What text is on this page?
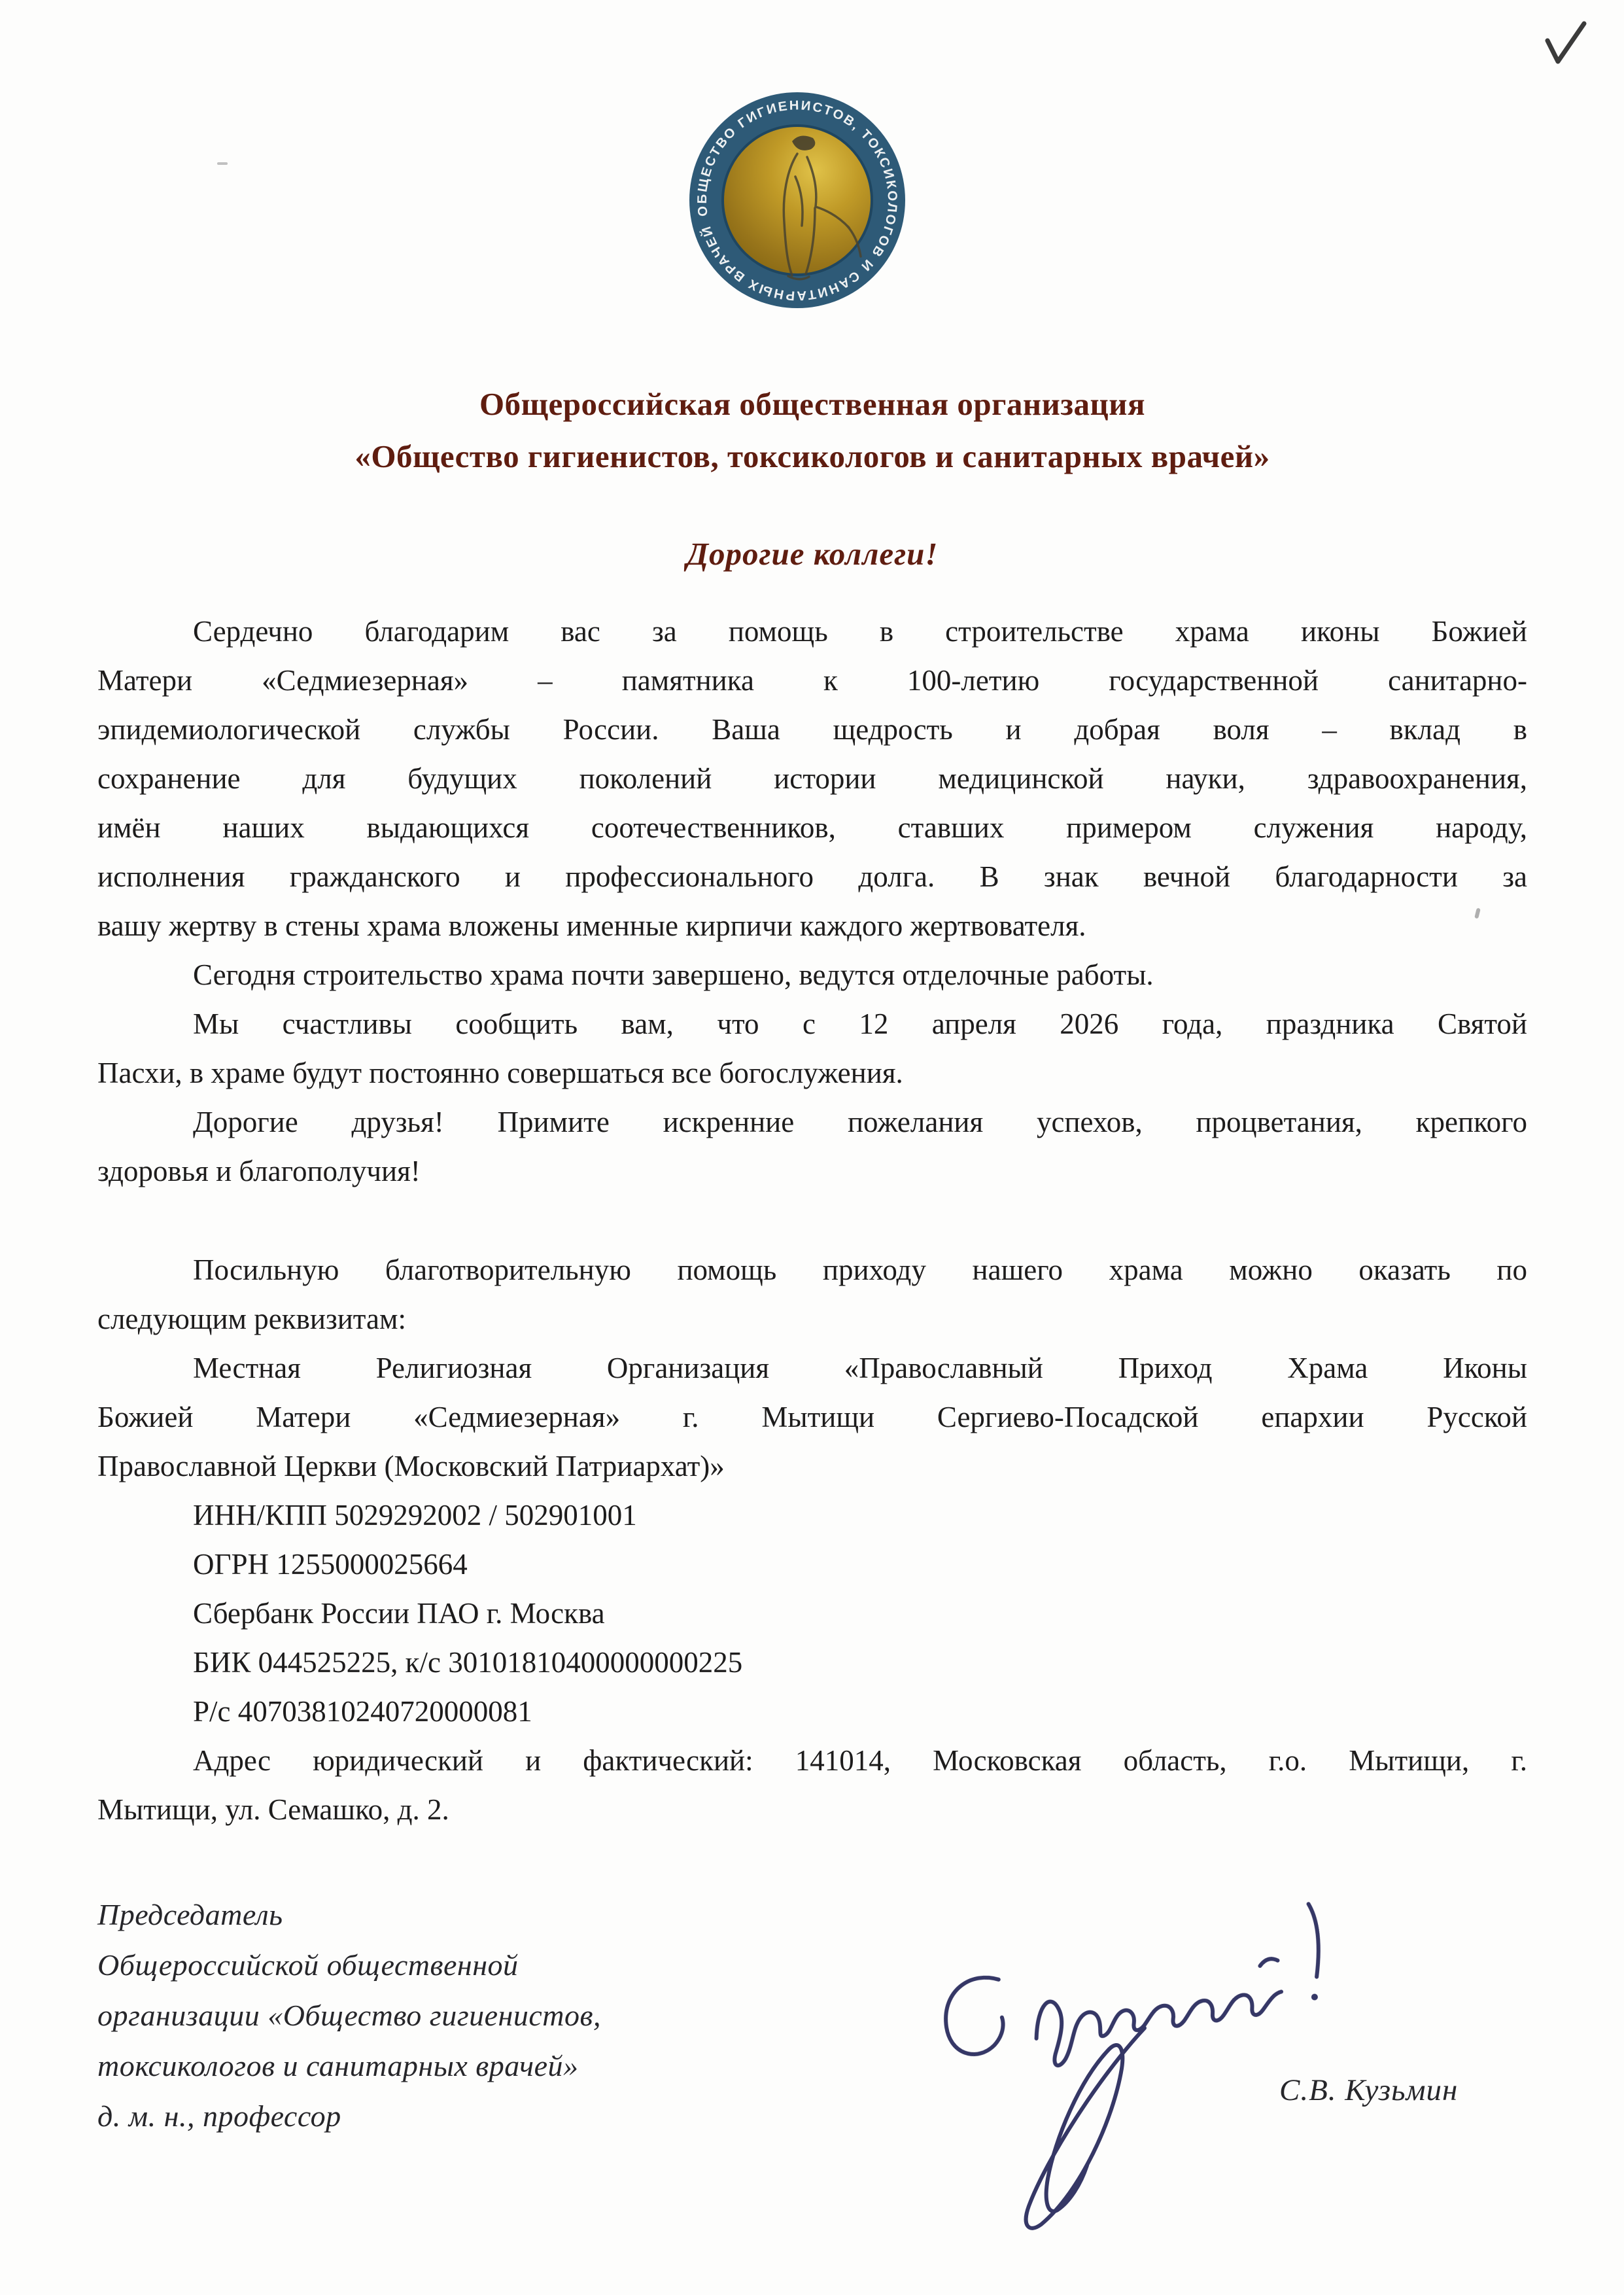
ОБЩЕСТВО ГИГИЕНИСТОВ, ТОКСИКОЛОГОВ И САНИТАРНЫХ ВРАЧЕЙ
Общероссийская общественная организация
«Общество гигиенистов, токсикологов и санитарных врачей»
Дорогие коллеги!
Сердечно благодарим вас за помощь в строительстве храма иконы Божией
Матери «Седмиезерная» – памятника к 100-летию государственной санитарно-
эпидемиологической службы России. Ваша щедрость и добрая воля – вклад в
сохранение для будущих поколений истории медицинской науки, здравоохранения,
имён наших выдающихся соотечественников, ставших примером служения народу,
исполнения гражданского и профессионального долга. В знак вечной благодарности за
вашу жертву в стены храма вложены именные кирпичи каждого жертвователя.
Сегодня строительство храма почти завершено, ведутся отделочные работы.
Мы счастливы сообщить вам, что с 12 апреля 2026 года, праздника Святой
Пасхи, в храме будут постоянно совершаться все богослужения.
Дорогие друзья! Примите искренние пожелания успехов, процветания, крепкого
здоровья и благополучия!
Посильную благотворительную помощь приходу нашего храма можно оказать по
следующим реквизитам:
Местная Религиозная Организация «Православный Приход Храма Иконы
Божией Матери «Седмиезерная» г. Мытищи Сергиево-Посадской епархии Русской
Православной Церкви (Московский Патриархат)»
ИНН/КПП 5029292002 / 502901001
ОГРН 1255000025664
Сбербанк России ПАО г. Москва
БИК 044525225, к/с 30101810400000000225
Р/с 40703810240720000081
Адрес юридический и фактический: 141014, Московская область, г.о. Мытищи, г.
Мытищи, ул. Семашко, д. 2.
Председатель
Общероссийской общественной
организации «Общество гигиенистов,
токсикологов и санитарных врачей»
д. м. н., профессор
С.В. Кузьмин
